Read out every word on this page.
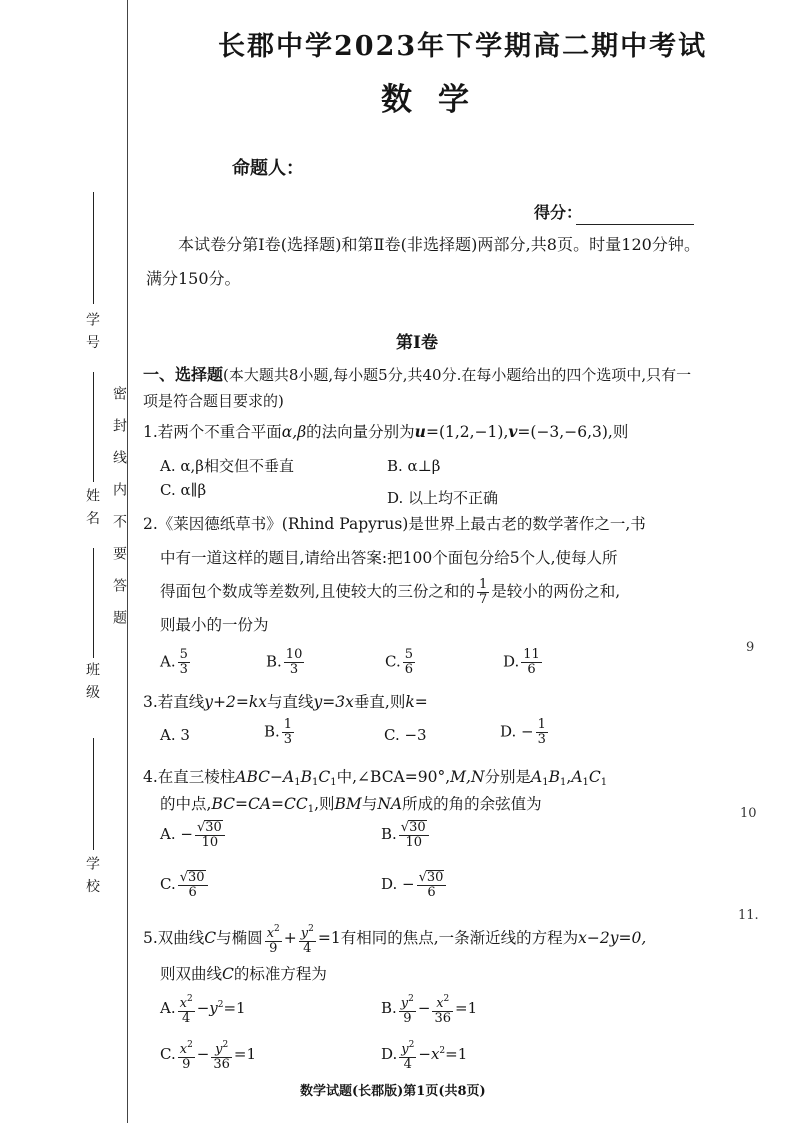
学 号
姓 名
班 级
学 校
密封线内不要答题
长郡中学2023年下学期高二期中考试
数学
命题人：
得分：
本试卷分第Ⅰ卷(选择题)和第Ⅱ卷(非选择题)两部分,共8页。时量120分钟。满分150分。
第Ⅰ卷
一、选择题(本大题共8小题,每小题5分,共40分.在每小题给出的四个选项中,只有一项是符合题目要求的)
1.若两个不重合平面α,β的法向量分别为u=(1,2,−1),v=(−3,−6,3),则
A. α,β相交但不垂直	B. α⊥β
C. α∥β	D. 以上均不正确
2.《莱因德纸草书》(Rhind Papyrus)是世界上最古老的数学著作之一,书
中有一道这样的题目,请给出答案:把100个面包分给5个人,使每人所
得面包个数成等差数列,且使较大的三份之和的 $\frac{1}{7}$ 是较小的两份之和,
则最小的一份为
A. $\frac{5}{3}$	B. $\frac{10}{3}$	C. $\frac{5}{6}$	D. $\frac{11}{6}$
3.若直线y+2=kx与直线y=3x垂直,则k=
A. 3	B. $\frac{1}{3}$	C. −3	D. − $\frac{1}{3}$
4.在直三棱柱$ABC-A_1B_1C_1$中,∠BCA=90°,M,N分别是$A_1B_1,A_1C_1$
的中点$,BC=CA=CC_1$,则BM与NA所成的角的余弦值为
A. − $\frac{√30}{10}$	B. $\frac{√30}{10}$
C. $\frac{√30}{6}$	D. − $\frac{√30}{6}$
5.双曲线C与椭圆 $\frac{x^2}{9} + \frac{y^2}{4} =1$有相同的焦点,一条渐近线的方程为x−2y=0,
则双曲线C的标准方程为
A. $\frac{x^2}{4} -y^2=1$	B. $\frac{y^2}{9} - \frac{x^2}{36} =1$
C. $\frac{x^2}{9} - \frac{y^2}{36} =1$	D. $\frac{y^2}{4} -x^2=1$
9
10
11.
数学试题(长郡版)第1页(共8页)
